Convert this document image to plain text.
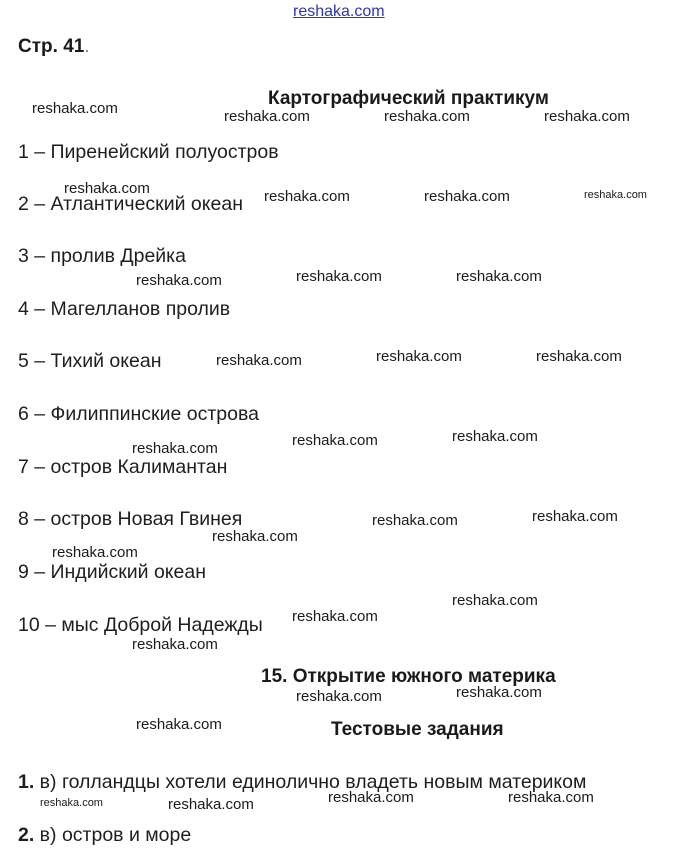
reshaka.com
Стр. 41.
Картографический практикум
1 – Пиренейский полуостров
2 – Атлантический океан
3 – пролив Дрейка
4 – Магелланов пролив
5 – Тихий океан
6 – Филиппинские острова
7 – остров Калимантан
8 – остров Новая Гвинея
9 – Индийский океан
10 – мыс Доброй Надежды
15. Открытие южного материка
Тестовые задания
1. в) голландцы хотели единолично владеть новым материком
2. в) остров и море
reshaka.com	reshaka.com	reshaka.com	reshaka.com
reshaka.com	reshaka.com	reshaka.com	reshaka.com
reshaka.com	reshaka.com	reshaka.com
reshaka.com	reshaka.com	reshaka.com
reshaka.com	reshaka.com	reshaka.com
reshaka.com
reshaka.com	reshaka.com
reshaka.com
reshaka.com
reshaka.com
reshaka.com
reshaka.com	reshaka.com
reshaka.com
reshaka.com	reshaka.com	reshaka.com	reshaka.com
